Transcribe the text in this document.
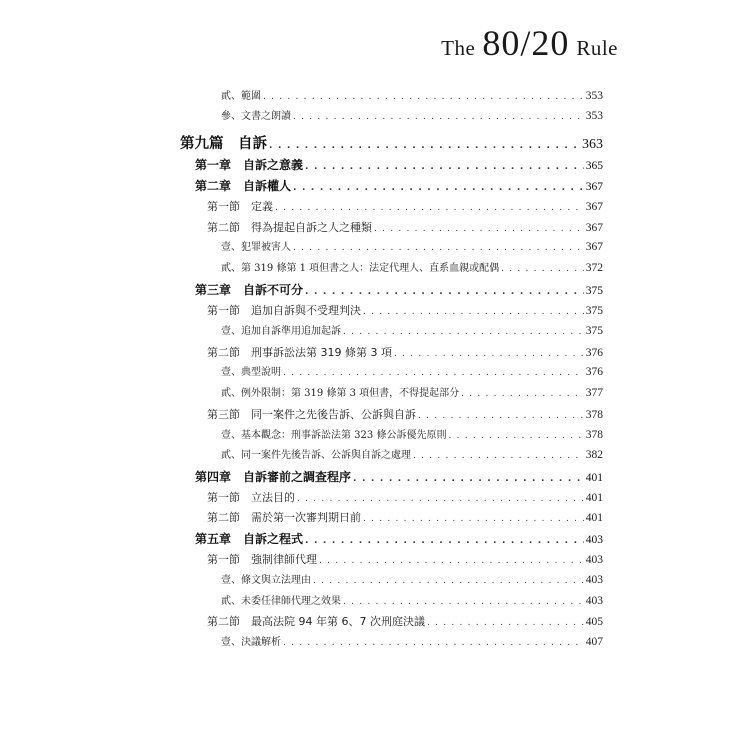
The 80/20 Rule
貳、範圍 . . .	353
參、文書之朗讀 . . .	353
第九篇　自訴 . . .	363
第一章　自訴之意義 . . .	365
第二章　自訴權人 . . .	367
第一節　定義 . . .	367
第二節　得為提起自訴之人之種類 . . .	367
壹、犯罪被害人 . . .	367
貳、第 319 條第 1 項但書之人：法定代理人、直系血親或配偶 . . .	372
第三章　自訴不可分 . . .	375
第一節　追加自訴與不受理判決 . . .	375
壹、追加自訴準用追加起訴 . . .	375
第二節　刑事訴訟法第 319 條第 3 項 . . .	376
壹、典型說明 . . .	376
貳、例外限制：第 319 條第 3 項但書，不得提起部分 . . .	377
第三節　同一案件之先後告訴、公訴與自訴 . . .	378
壹、基本觀念：刑事訴訟法第 323 條公訴優先原則 . . .	378
貳、同一案件先後告訴、公訴與自訴之處理 . . .	382
第四章　自訴審前之調查程序 . . .	401
第一節　立法目的 . . .	401
第二節　需於第一次審判期日前 . . .	401
第五章　自訴之程式 . . .	403
第一節　強制律師代理 . . .	403
壹、條文與立法理由 . . .	403
貳、未委任律師代理之效果 . . .	403
第二節　最高法院 94 年第 6、7 次刑庭決議 . . .	405
壹、決議解析 . . .	407
